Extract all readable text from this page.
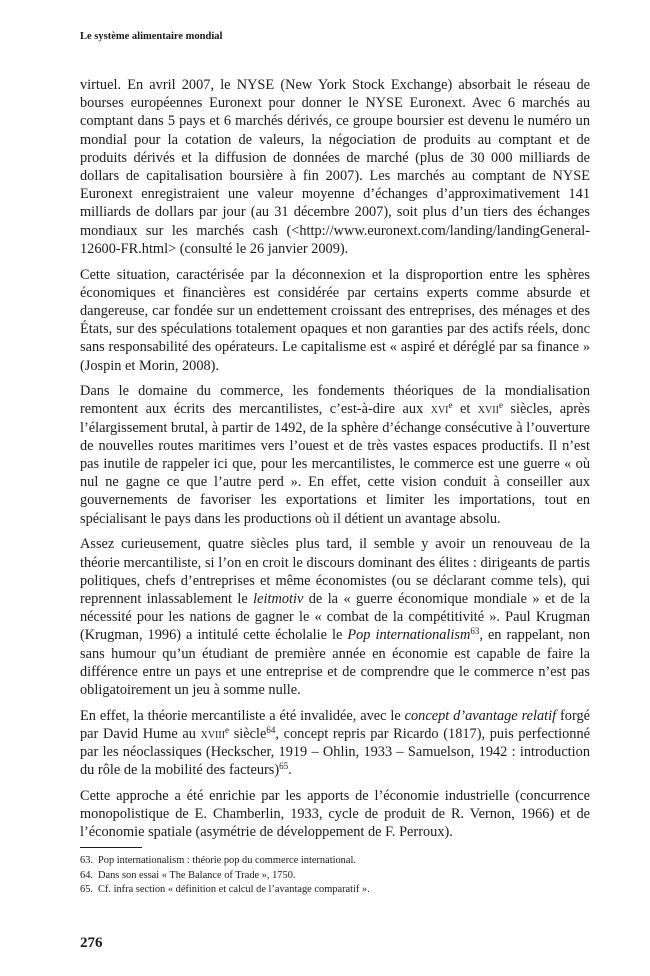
Le système alimentaire mondial

virtuel. En avril 2007, le NYSE (New York Stock Exchange) absorbait le réseau de bourses européennes Euronext pour donner le NYSE Euronext. Avec 6 marchés au comptant dans 5 pays et 6 marchés dérivés, ce groupe boursier est devenu le numéro un mondial pour la cotation de valeurs, la négociation de produits au comptant et de produits dérivés et la diffusion de données de marché (plus de 30 000 milliards de dollars de capitalisation boursière à fin 2007). Les marchés au comptant de NYSE Euronext enregistraient une valeur moyenne d’échanges d’approximativement 141 milliards de dollars par jour (au 31 décembre 2007), soit plus d’un tiers des échanges mondiaux sur les marchés cash (<http://www.euronext.com/landing/landingGeneral-12600-FR.html> (consulté le 26 janvier 2009).

Cette situation, caractérisée par la déconnexion et la disproportion entre les sphères économiques et financières est considérée par certains experts comme absurde et dangereuse, car fondée sur un endettement croissant des entreprises, des ménages et des États, sur des spéculations totalement opaques et non garanties par des actifs réels, donc sans responsabilité des opérateurs. Le capitalisme est « aspiré et déréglé par sa finance » (Jospin et Morin, 2008).

Dans le domaine du commerce, les fondements théoriques de la mondialisation remontent aux écrits des mercantilistes, c’est-à-dire aux xvi$^e$ et xvii$^e$ siècles, après l’élargissement brutal, à partir de 1492, de la sphère d’échange consécutive à l’ouverture de nouvelles routes maritimes vers l’ouest et de très vastes espaces productifs. Il n’est pas inutile de rappeler ici que, pour les mercantilistes, le commerce est une guerre « où nul ne gagne ce que l’autre perd ». En effet, cette vision conduit à conseiller aux gouvernements de favoriser les exportations et limiter les importations, tout en spécialisant le pays dans les productions où il détient un avantage absolu.

Assez curieusement, quatre siècles plus tard, il semble y avoir un renouveau de la théorie mercantiliste, si l’on en croit le discours dominant des élites : dirigeants de partis politiques, chefs d’entreprises et même économistes (ou se déclarant comme tels), qui reprennent inlassablement le leitmotiv de la « guerre économique mondiale » et de la nécessité pour les nations de gagner le « combat de la compétitivité ». Paul Krugman (Krugman, 1996) a intitulé cette écholalie le Pop internationalism$^{63}$, en rappelant, non sans humour qu’un étudiant de première année en économie est capable de faire la différence entre un pays et une entreprise et de comprendre que le commerce n’est pas obligatoirement un jeu à somme nulle.

En effet, la théorie mercantiliste a été invalidée, avec le concept d’avantage relatif forgé par David Hume au xviii$^e$ siècle$^{64}$, concept repris par Ricardo (1817), puis perfectionné par les néoclassiques (Heckscher, 1919 – Ohlin, 1933 – Samuelson, 1942 : introduction du rôle de la mobilité des facteurs)$^{65}$.

Cette approche a été enrichie par les apports de l’économie industrielle (concurrence monopolistique de E. Chamberlin, 1933, cycle de produit de R. Vernon, 1966) et de l’économie spatiale (asymétrie de développement de F. Perroux).

63. Pop internationalism : théorie pop du commerce international.
64. Dans son essai « The Balance of Trade », 1750.
65. Cf. infra section « définition et calcul de l’avantage comparatif ».
276
